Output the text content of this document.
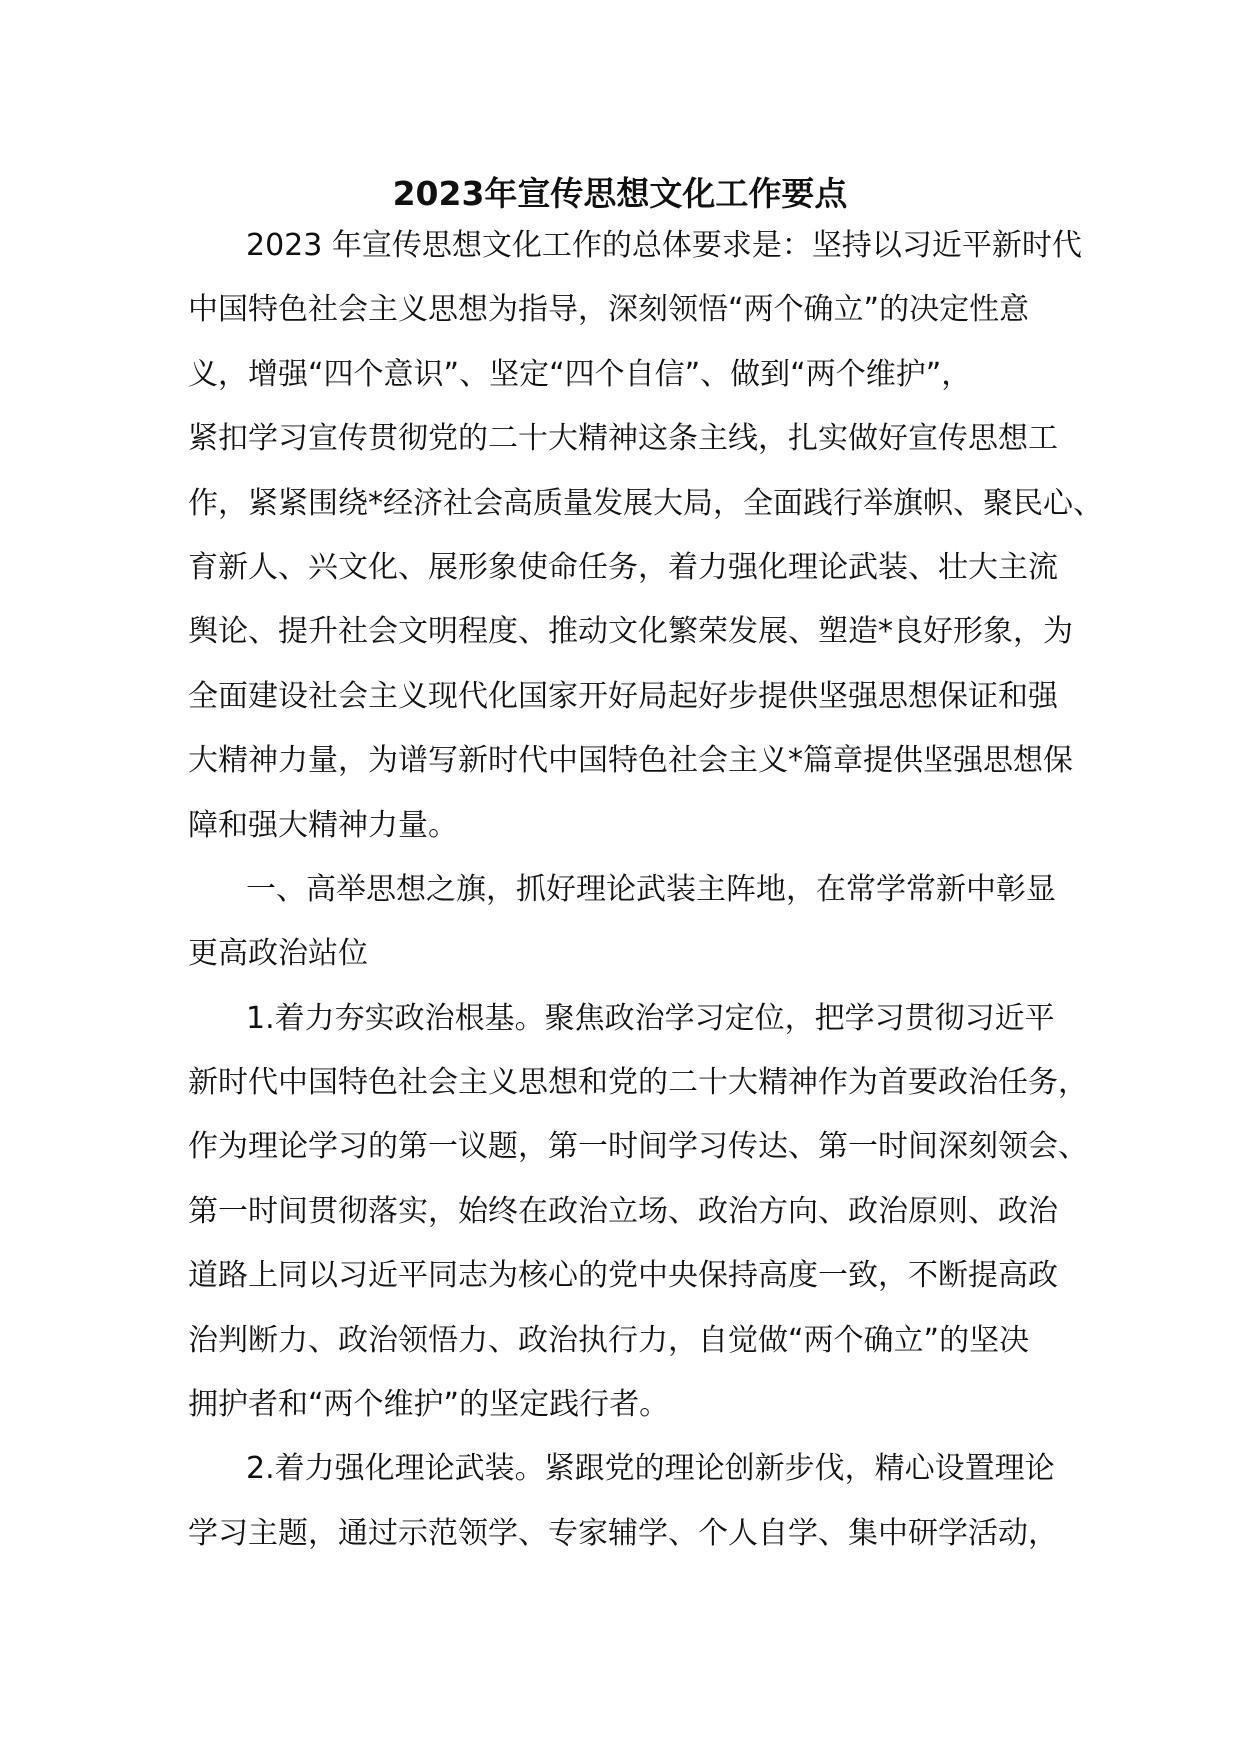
2023年宣传思想文化工作要点
2023 年宣传思想文化工作的总体要求是：坚持以习近平新时代
中国特色社会主义思想为指导，深刻领悟“两个确立”的决定性意
义，增强“四个意识”、坚定“四个自信”、做到“两个维护”，
紧扣学习宣传贯彻党的二十大精神这条主线，扎实做好宣传思想工
作，紧紧围绕*经济社会高质量发展大局，全面践行举旗帜、聚民心、
育新人、兴文化、展形象使命任务，着力强化理论武装、壮大主流
舆论、提升社会文明程度、推动文化繁荣发展、塑造*良好形象，为
全面建设社会主义现代化国家开好局起好步提供坚强思想保证和强
大精神力量，为谱写新时代中国特色社会主义*篇章提供坚强思想保
障和强大精神力量。
一、高举思想之旗，抓好理论武装主阵地，在常学常新中彰显
更高政治站位
1.着力夯实政治根基。聚焦政治学习定位，把学习贯彻习近平
新时代中国特色社会主义思想和党的二十大精神作为首要政治任务，
作为理论学习的第一议题，第一时间学习传达、第一时间深刻领会、
第一时间贯彻落实，始终在政治立场、政治方向、政治原则、政治
道路上同以习近平同志为核心的党中央保持高度一致，不断提高政
治判断力、政治领悟力、政治执行力，自觉做“两个确立”的坚决
拥护者和“两个维护”的坚定践行者。
2.着力强化理论武装。紧跟党的理论创新步伐，精心设置理论
学习主题，通过示范领学、专家辅学、个人自学、集中研学活动，
